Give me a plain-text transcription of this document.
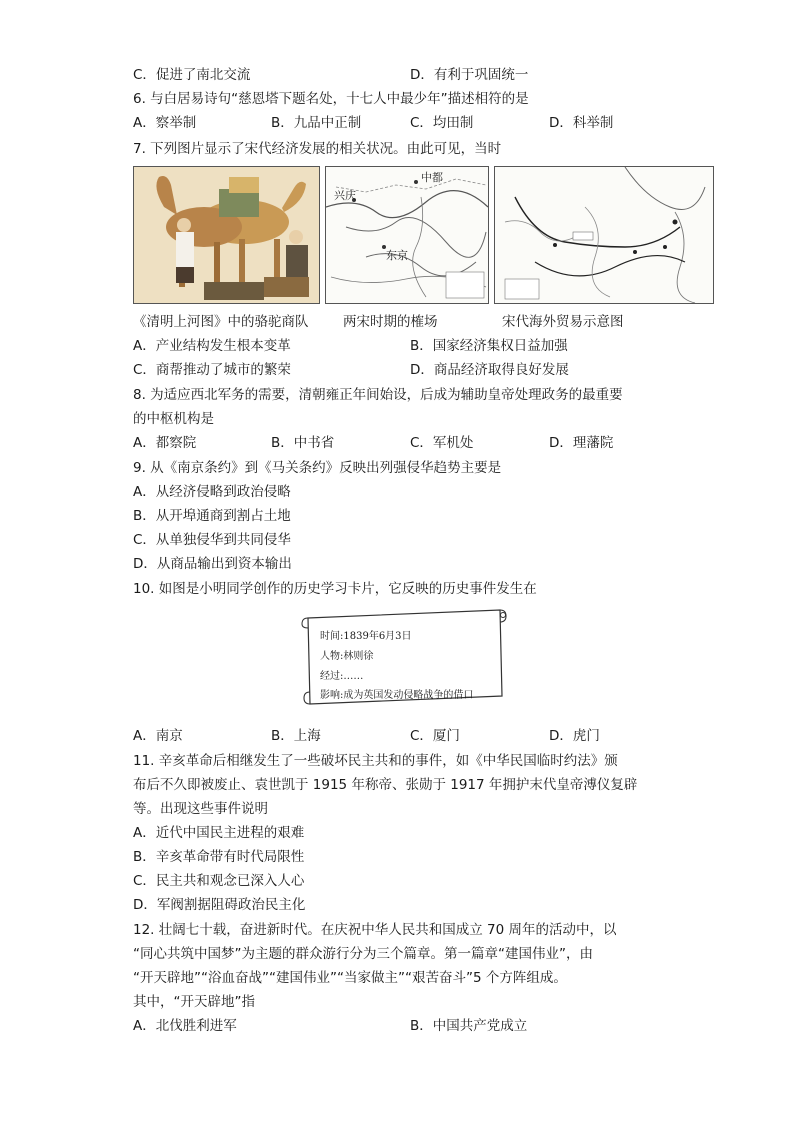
C．促进了南北交流	D．有利于巩固统一
6. 与白居易诗句“慈恩塔下题名处，十七人中最少年”描述相符的是
A．察举制	B．九品中正制	C．均田制	D．科举制
7. 下列图片显示了宋代经济发展的相关状况。由此可见，当时
兴庆
中都
东京
《清明上河图》中的骆驼商队	两宋时期的榷场	宋代海外贸易示意图
A．产业结构发生根本变革	B．国家经济集权日益加强
C．商帮推动了城市的繁荣	D．商品经济取得良好发展
8. 为适应西北军务的需要，清朝雍正年间始设，后成为辅助皇帝处理政务的最重要
的中枢机构是
A．都察院	B．中书省	C．军机处	D．理藩院
9. 从《南京条约》到《马关条约》反映出列强侵华趋势主要是
A．从经济侵略到政治侵略
B．从开埠通商到割占土地
C．从单独侵华到共同侵华
D．从商品输出到资本输出
10. 如图是小明同学创作的历史学习卡片，它反映的历史事件发生在
时间:1839年6月3日
人物:林则徐
经过:……
影响:成为英国发动侵略战争的借口
A．南京	B．上海	C．厦门	D．虎门
11. 辛亥革命后相继发生了一些破坏民主共和的事件，如《中华民国临时约法》颁
布后不久即被废止、袁世凯于 1915 年称帝、张勋于 1917 年拥护末代皇帝溥仪复辟
等。出现这些事件说明
A．近代中国民主进程的艰难
B．辛亥革命带有时代局限性
C．民主共和观念已深入人心
D．军阀割据阻碍政治民主化
12. 壮阔七十载，奋进新时代。在庆祝中华人民共和国成立 70 周年的活动中，以
“同心共筑中国梦”为主题的群众游行分为三个篇章。第一篇章“建国伟业”，由
“开天辟地”“浴血奋战”“建国伟业”“当家做主”“艰苦奋斗”5 个方阵组成。
其中，“开天辟地”指
A．北伐胜利进军	B．中国共产党成立
